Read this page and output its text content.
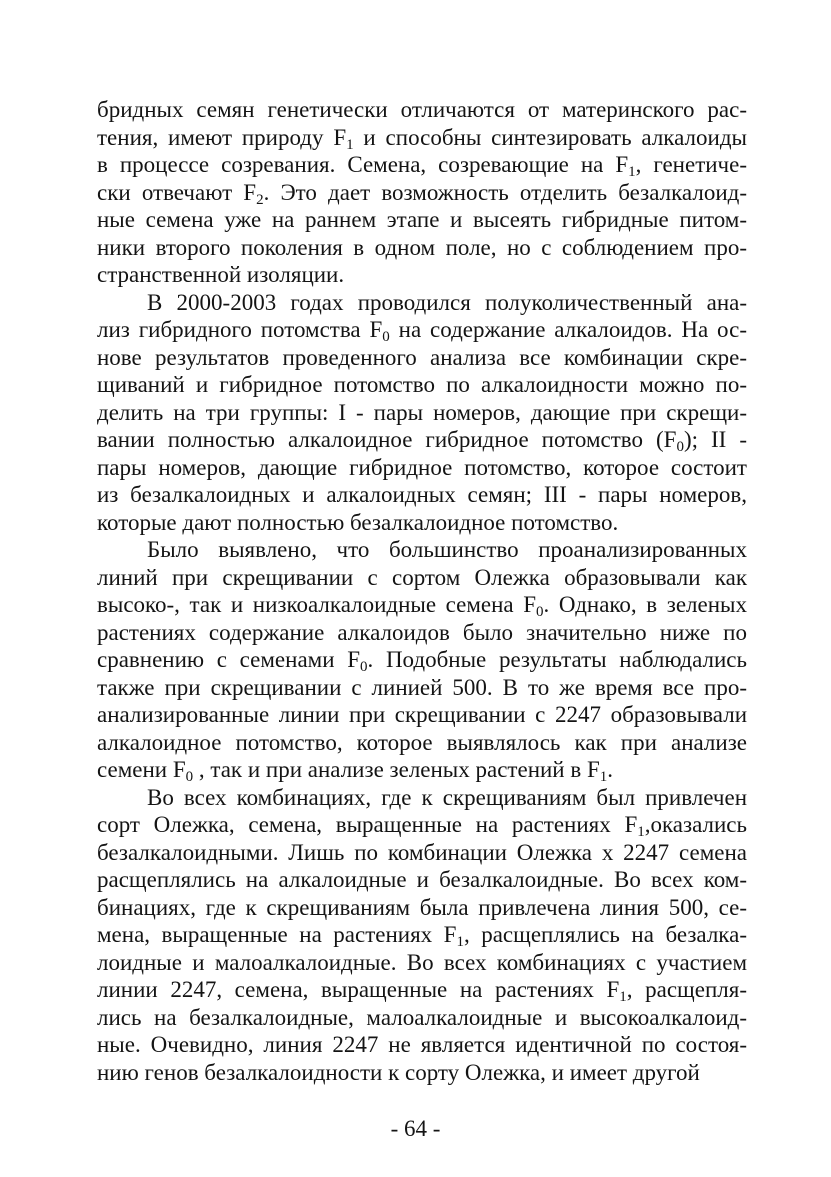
бридных семян генетически отличаются от материнского рас-
тения, имеют природу $F_1$ и способны синтезировать алкалоиды
в процессе созревания. Семена, созревающие на $F_1$, генетиче-
ски отвечают $F_2$. Это дает возможность отделить безалкалоид-
ные семена уже на раннем этапе и высеять гибридные питом-
ники второго поколения в одном поле, но с соблюдением про-
странственной изоляции.
В 2000-2003 годах проводился полуколичественный ана-
лиз гибридного потомства $F_0$ на содержание алкалоидов. На ос-
нове результатов проведенного анализа все комбинации скре-
щиваний и гибридное потомство по алкалоидности можно по-
делить на три группы: I - пары номеров, дающие при скрещи-
вании полностью алкалоидное гибридное потомство $(F_0)$; II -
пары номеров, дающие гибридное потомство, которое состоит
из безалкалоидных и алкалоидных семян; III - пары номеров,
которые дают полностью безалкалоидное потомство.
Было выявлено, что большинство проанализированных
линий при скрещивании с сортом Олежка образовывали как
высоко-, так и низкоалкалоидные семена $F_0$. Однако, в зеленых
растениях содержание алкалоидов было значительно ниже по
сравнению с семенами $F_0$. Подобные результаты наблюдались
также при скрещивании с линией 500. В то же время все про-
анализированные линии при скрещивании с 2247 образовывали
алкалоидное потомство, которое выявлялось как при анализе
семени $F_0$ , так и при анализе зеленых растений в $F_1$.
Во всех комбинациях, где к скрещиваниям был привлечен
сорт Олежка, семена, выращенные на растениях $F_1,оказались$
безалкалоидными. Лишь по комбинации Олежка х 2247 семена
расщеплялись на алкалоидные и безалкалоидные. Во всех ком-
бинациях, где к скрещиваниям была привлечена линия 500, се-
мена, выращенные на растениях $F_1$, расщеплялись на безалка-
лоидные и малоалкалоидные. Во всех комбинациях с участием
линии 2247, семена, выращенные на растениях $F_1$, расщепля-
лись на безалкалоидные, малоалкалоидные и высокоалкалоид-
ные. Очевидно, линия 2247 не является идентичной по состоя-
нию генов безалкалоидности к сорту Олежка, и имеет другой
- 64 -
